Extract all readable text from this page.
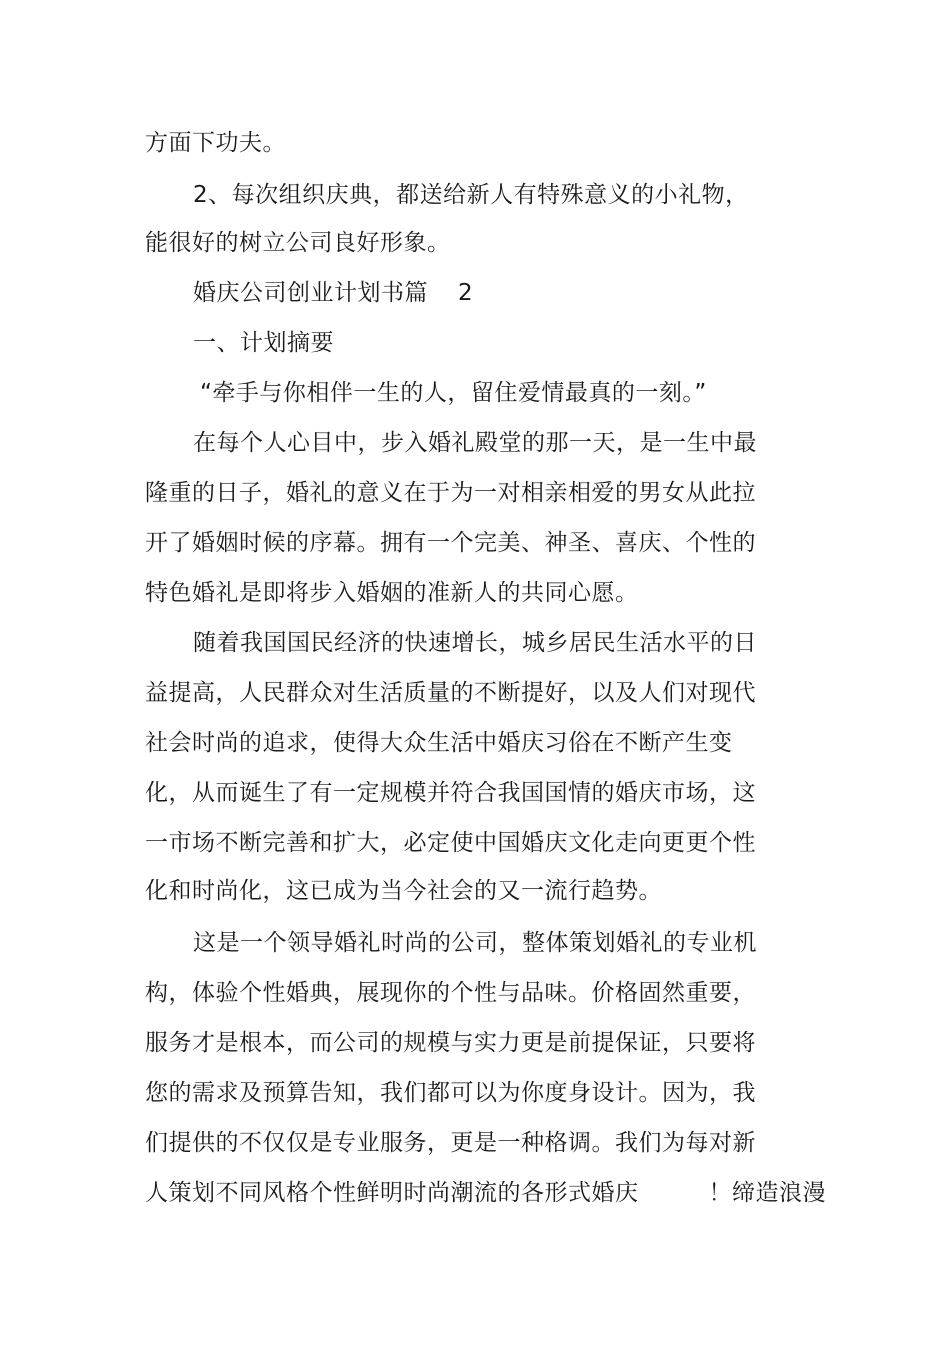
方面下功夫。
2、每次组织庆典，都送给新人有特殊意义的小礼物，
能很好的树立公司良好形象。
婚庆公司创业计划书篇 2
一、计划摘要
“牵手与你相伴一生的人，留住爱情最真的一刻。”
在每个人心目中，步入婚礼殿堂的那一天，是一生中最
隆重的日子，婚礼的意义在于为一对相亲相爱的男女从此拉
开了婚姻时候的序幕。拥有一个完美、神圣、喜庆、个性的
特色婚礼是即将步入婚姻的准新人的共同心愿。
随着我国国民经济的快速增长，城乡居民生活水平的日
益提高，人民群众对生活质量的不断提好，以及人们对现代
社会时尚的追求，使得大众生活中婚庆习俗在不断产生变
化，从而诞生了有一定规模并符合我国国情的婚庆市场，这
一市场不断完善和扩大，必定使中国婚庆文化走向更更个性
化和时尚化，这已成为当今社会的又一流行趋势。
这是一个领导婚礼时尚的公司，整体策划婚礼的专业机
构，体验个性婚典，展现你的个性与品味。价格固然重要，
服务才是根本，而公司的规模与实力更是前提保证，只要将
您的需求及预算告知，我们都可以为你度身设计。因为，我
们提供的不仅仅是专业服务，更是一种格调。我们为每对新
人策划不同风格个性鲜明时尚潮流的各形式婚庆	！缔造浪漫
